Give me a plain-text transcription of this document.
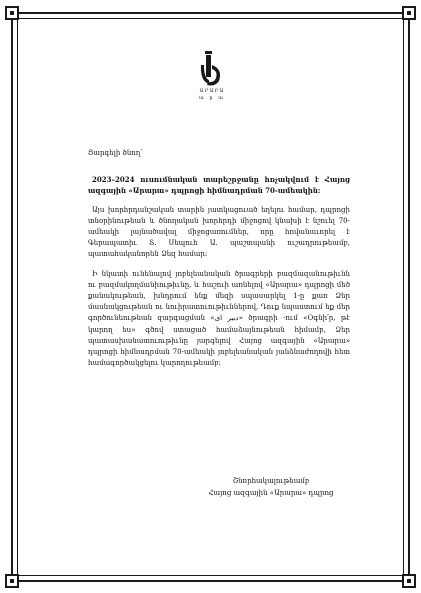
ԱՐԱՐԱ
ա ր ա

Յարգելի ծնող՝

2023–2024 ուսումնական տարեշրջանը հռչակվում է Հայոց ազգային «Արարա» դպրոցի հիմնադրման 70-ամեակին:

Այս խորհրդանշական տարին յատկացուած եղելու համար, դպրոցի տնօրինութեան և ծնողական խորհրդի միջոցով կնախի է նշուել 70-ամեակի լայնածավալ միջոցառումներ, որը հովանաւորել է Գերապատիւ Տ. Սեպուհ Ա. պաշտպանի ուշադրութեամբ, պատահականորեն Ձեզ համար:

Ի նկատի ունենալով յոբելեանական ծրագրերի բազմազանութիւնն ու բազմակողմանիութիւնը, և հաշուի առնելով «Արարա» դպրոցի մեծ քանակութեան, խնդրում ենք մեզի սպասարկել 1-ը քառ Ձեր մասնակցութեան ու նուիրատուութիւններով, Դուք նպաստում եք մեր գործունեութեան զարգացման «دبیر ای» ծրագրի -ում «Օգնի՛ր, թէ կարող ես» գծով ստացած համաձայնութեան հիմամբ, Ձեր պատասխանատուութիւնը յարգելով Հայոց ազգային «Արարա» դպրոցի հիմնադրման 70-ամեակի յոբելեանական յանձնաժողովի հետ համագործակցելու կարողութեամբ:

Շնորհակալութեամբ
Հայոց ազգային «Արարա» դպրոց
